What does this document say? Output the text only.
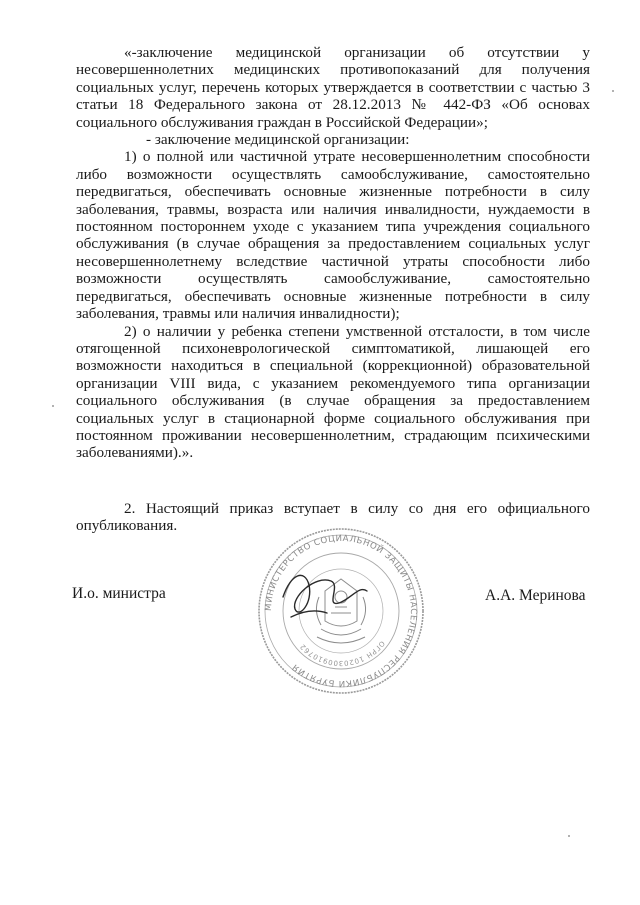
«-заключение медицинской организации об отсутствии у несовершеннолетних медицинских противопоказаний для получения социальных услуг, перечень которых утверждается в соответствии с частью 3 статьи 18 Федерального закона от 28.12.2013 № 442-ФЗ «Об основах социального обслуживания граждан в Российской Федерации»;

- заключение медицинской организации:

1) о полной или частичной утрате несовершеннолетним способности либо возможности осуществлять самообслуживание, самостоятельно передвигаться, обеспечивать основные жизненные потребности в силу заболевания, травмы, возраста или наличия инвалидности, нуждаемости в постоянном постороннем уходе с указанием типа учреждения социального обслуживания (в случае обращения за предоставлением социальных услуг несовершеннолетнему вследствие частичной утраты способности либо возможности осуществлять самообслуживание, самостоятельно передвигаться, обеспечивать основные жизненные потребности в силу заболевания, травмы или наличия инвалидности);

2) о наличии у ребенка степени умственной отсталости, в том числе отягощенной психоневрологической симптоматикой, лишающей его возможности находиться в специальной (коррекционной) образовательной организации VIII вида, с указанием рекомендуемого типа организации социального обслуживания (в случае обращения за предоставлением социальных услуг в стационарной форме социального обслуживания при постоянном проживании несовершеннолетним, страдающим психическими заболеваниями).».

2. Настоящий приказ вступает в силу со дня его официального опубликования.

И.о. министра	А.А. Меринова
МИНИСТЕРСТВО СОЦИАЛЬНОЙ ЗАЩИТЫ НАСЕЛЕНИЯ РЕСПУБЛИКИ БУРЯТИЯ
ОГРН 1020300910762
